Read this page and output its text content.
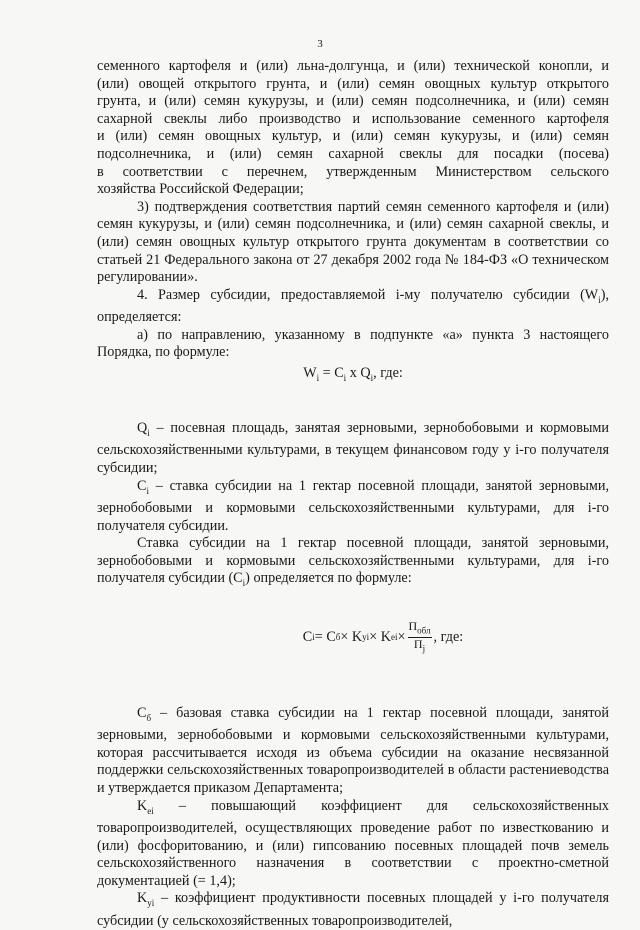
3
семенного картофеля и (или) льна-долгунца, и (или) технической конопли, и
(или) овощей открытого грунта, и (или) семян овощных культур открытого
грунта, и (или) семян кукурузы, и (или) семян подсолнечника, и (или) семян
сахарной свеклы либо производство и использование семенного картофеля
и (или) семян овощных культур, и (или) семян кукурузы, и (или) семян
подсолнечника, и (или) семян сахарной свеклы для посадки (посева)
в соответствии с перечнем, утвержденным Министерством сельского
хозяйства Российской Федерации;

3) подтверждения соответствия партий семян семенного картофеля и (или) семян кукурузы, и (или) семян подсолнечника, и (или) семян сахарной свеклы, и (или) семян овощных культур открытого грунта документам в соответствии со статьей 21 Федерального закона от 27 декабря 2002 года № 184-ФЗ «О техническом регулировании».

4. Размер субсидии, предоставляемой i-му получателю субсидии $(W_i)$, определяется:

а) по направлению, указанному в подпункте «а» пункта 3 настоящего Порядка, по формуле:

$W_i = C_i$ x $Q_i$, где:

$Q_i$ – посевная площадь, занятая зерновыми, зернобобовыми и кормовыми сельскохозяйственными культурами, в текущем финансовом году у i-го получателя субсидии;

$C_i$ – ставка субсидии на 1 гектар посевной площади, занятой зерновыми, зернобобовыми и кормовыми сельскохозяйственными культурами, для i-го получателя субсидии.

Ставка субсидии на 1 гектар посевной площади, занятой зерновыми, зернобобовыми и кормовыми сельскохозяйственными культурами, для i-го получателя субсидии $(C_i)$ определяется по формуле:

C i = C б × K yi × K ei × $\frac{П_{обл}}{П_j}$ , где:

$C_б$ – базовая ставка субсидии на 1 гектар посевной площади, занятой зерновыми, зернобобовыми и кормовыми сельскохозяйственными культурами, которая рассчитывается исходя из объема субсидии на оказание несвязанной поддержки сельскохозяйственных товаропроизводителей в области растениеводства и утверждается приказом Департамента;

$K_{ei}$ – повышающий коэффициент для сельскохозяйственных товаропроизводителей, осуществляющих проведение работ по известкованию и (или) фосфоритованию, и (или) гипсованию посевных площадей почв земель сельскохозяйственного назначения в соответствии с проектно-сметной документацией (= 1,4);

$K_{yi}$ – коэффициент продуктивности посевных площадей у i-го получателя субсидии (у сельскохозяйственных товаропроизводителей,
